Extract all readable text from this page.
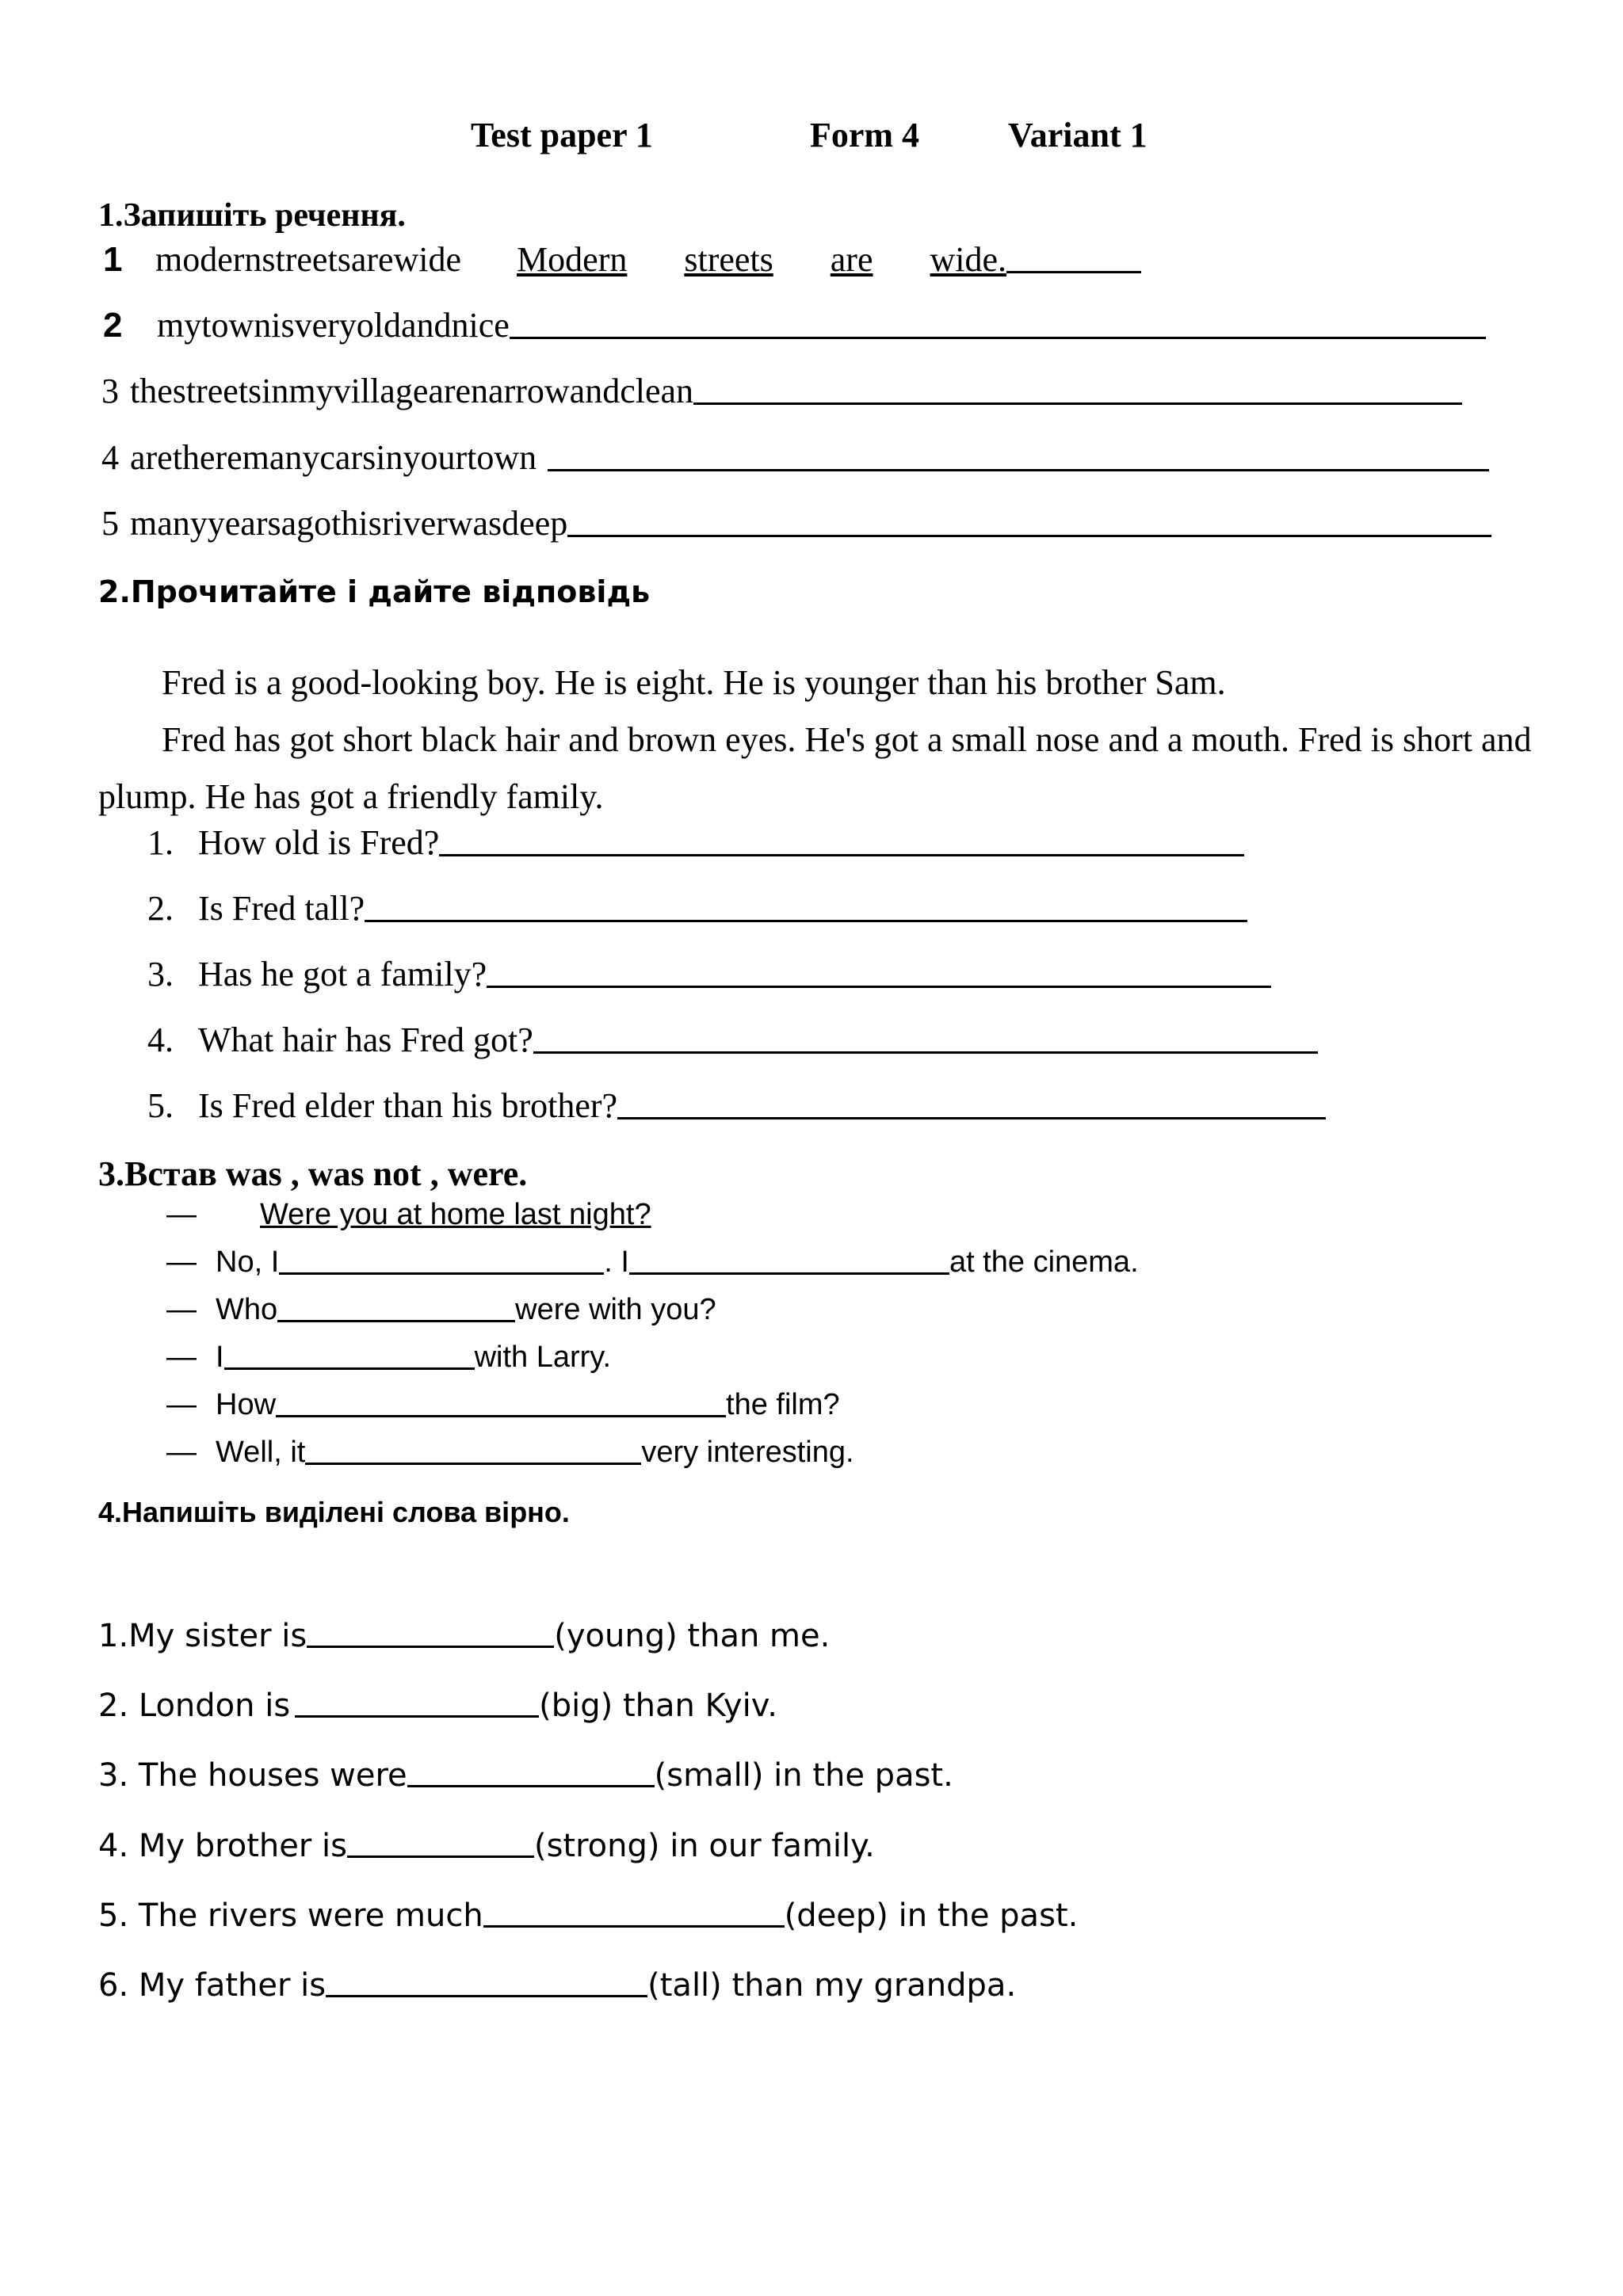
Test paper 1	Form 4	Variant 1
1.Запишіть речення.
1 modernstreetsarewide Modern streets are wide.
2 mytownisveryoldandnice
3 thestreetsinmyvillagearenarrowandclean
4 aretheremanycarsinyourtown
5 manyyearsagothisriverwasdeep
2.Прочитайте і дайте відповідь

Fred is a good-looking boy. He is eight. He is younger than his brother Sam.

Fred has got short black hair and brown eyes. He's got a small nose and a mouth. Fred is short and plump. He has got a friendly family.

1. How old is Fred?
2. Is Fred tall?
3. Has he got a family?
4. What hair has Fred got?
5. Is Fred elder than his brother?
3.Встав was , was not , were.
—	Were you at home last night?
— No, I	. I	at the cinema.
— Who	were with you?
— I	with Larry.
— How	the film?
— Well, it	very interesting.
4.Напишіть виділені слова вірно.
1.My sister is	(young) than me.
2. London is	(big) than Kyiv.
3. The houses were	(small) in the past.
4. My brother is	(strong) in our family.
5. The rivers were much	(deep) in the past.
6. My father is	(tall) than my grandpa.
